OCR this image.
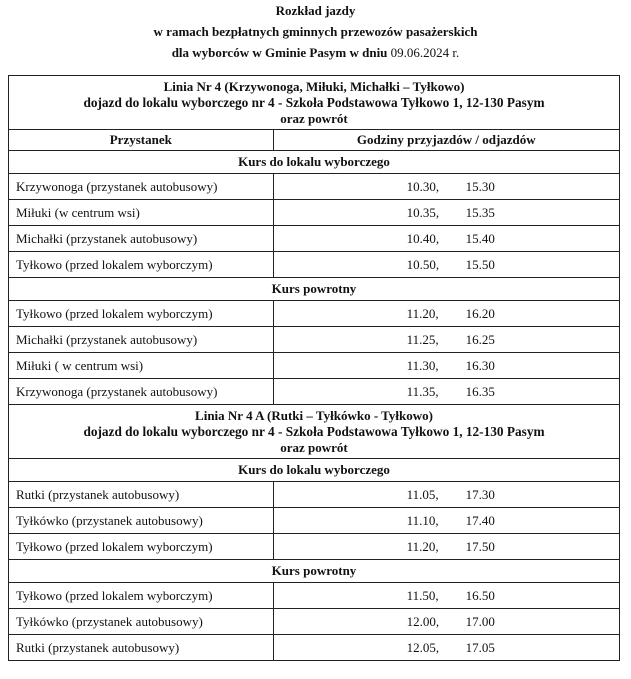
Rozkład jazdy
w ramach bezpłatnych gminnych przewozów pasażerskich
dla wyborców w Gminie Pasym w dniu 09.06.2024 r.
Linia Nr 4 (Krzywonoga, Miłuki, Michałki – Tyłkowo)
dojazd do lokalu wyborczego nr 4 - Szkoła Podstawowa Tyłkowo 1, 12-130 Pasym
oraz powrót	

Przystanek	Godziny przyjazdów / odjazdów
Kurs do lokalu wyborczego	
Krzywonoga (przystanek autobusowy)	10.30, 15.30

Miłuki (w centrum wsi)	10.35, 15.35

Michałki (przystanek autobusowy)	10.40, 15.40

Tyłkowo (przed lokalem wyborczym)	10.50, 15.50

Kurs powrotny	
Tyłkowo (przed lokalem wyborczym)	11.20, 16.20

Michałki (przystanek autobusowy)	11.25, 16.25

Miłuki ( w centrum wsi)	11.30, 16.30

Krzywonoga (przystanek autobusowy)	11.35, 16.35

Linia Nr 4 A (Rutki – Tyłkówko - Tyłkowo)
dojazd do lokalu wyborczego nr 4 - Szkoła Podstawowa Tyłkowo 1, 12-130 Pasym
oraz powrót	

Kurs do lokalu wyborczego	
Rutki (przystanek autobusowy)	11.05, 17.30

Tyłkówko (przystanek autobusowy)	11.10, 17.40

Tyłkowo (przed lokalem wyborczym)	11.20, 17.50

Kurs powrotny	
Tyłkowo (przed lokalem wyborczym)	11.50, 16.50

Tyłkówko (przystanek autobusowy)	12.00, 17.00

Rutki (przystanek autobusowy)	12.05, 17.05
